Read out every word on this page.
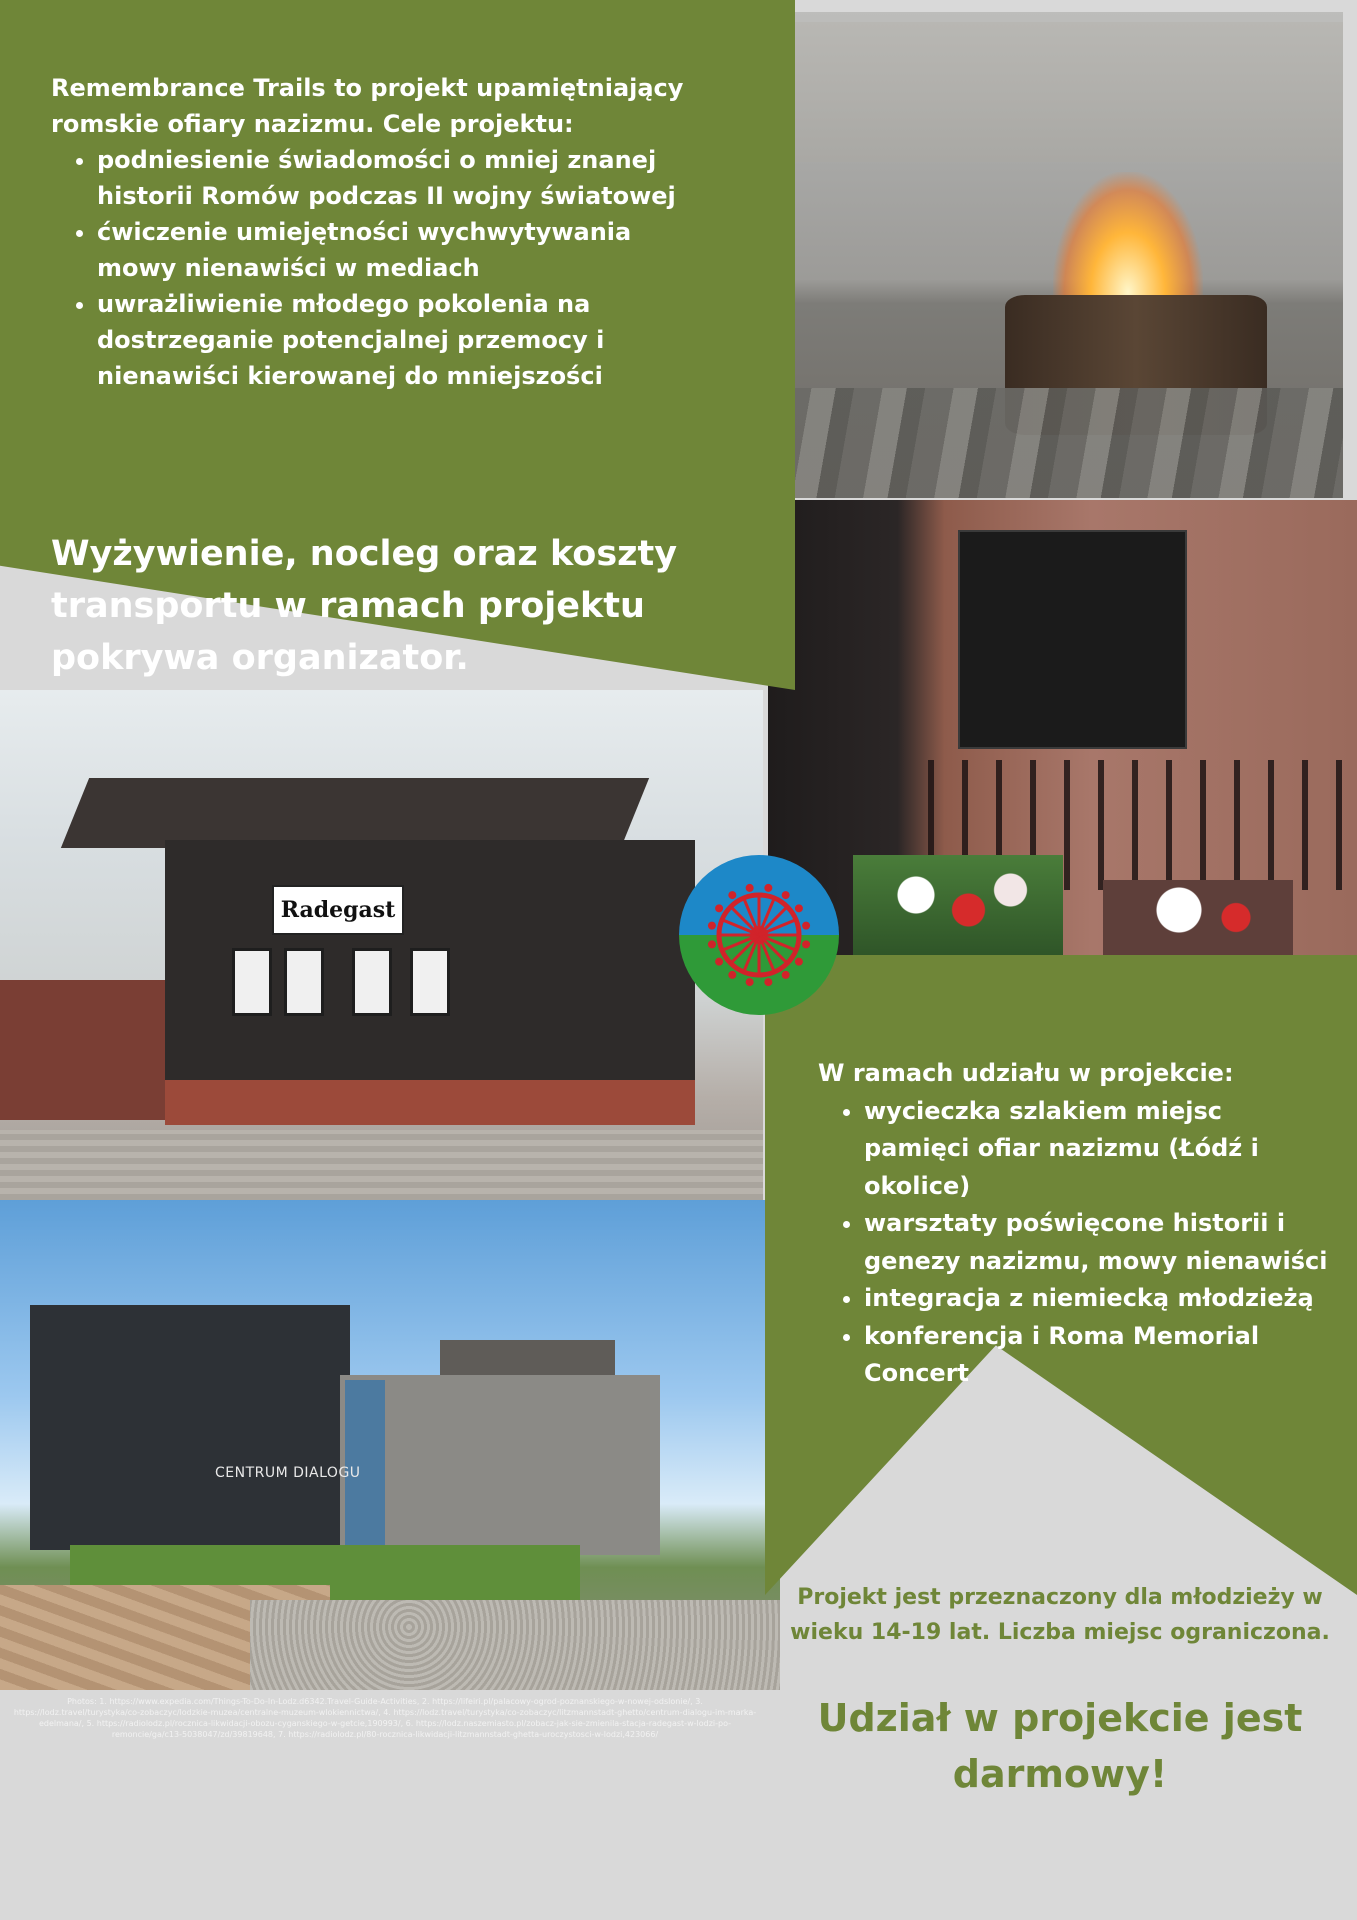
Radegast
CENTRUM DIALOGU
Remembrance Trails to projekt upamiętniający romskie ofiary nazizmu. Cele projektu:
• podniesienie świadomości o mniej znanej historii Romów podczas II wojny światowej
• ćwiczenie umiejętności wychwytywania mowy nienawiści w mediach
• uwrażliwienie młodego pokolenia na dostrzeganie potencjalnej przemocy i nienawiści kierowanej do mniejszości
Wyżywienie, nocleg oraz koszty transportu w ramach projektu pokrywa organizator.
W ramach udziału w projekcie:
• wycieczka szlakiem miejsc pamięci ofiar nazizmu (Łódź i okolice)
• warsztaty poświęcone historii i genezy nazizmu, mowy nienawiści
• integracja z niemiecką młodzieżą
• konferencja i Roma Memorial Concert
Projekt jest przeznaczony dla młodzieży w wieku 14-19 lat. Liczba miejsc ograniczona.
Udział w projekcie jest darmowy!
Photos: 1. https://www.expedia.com/Things-To-Do-In-Lodz.d6342.Travel-Guide-Activities, 2. https://lifeiri.pl/palacowy-ogrod-poznanskiego-w-nowej-odslonie/, 3. https://lodz.travel/turystyka/co-zobaczyc/lodzkie-muzea/centralne-muzeum-wlokiennictwa/, 4. https://lodz.travel/turystyka/co-zobaczyc/litzmannstadt-ghetto/centrum-dialogu-im-marka-edelmana/, 5. https://radiolodz.pl/rocznica-likwidacji-obozu-cyganskiego-w-getcie,190993/, 6. https://lodz.naszemiasto.pl/zobacz-jak-sie-zmienila-stacja-radegast-w-lodzi-po-remoncie/ga/c13-5038047/zd/39819648, 7. https://radiolodz.pl/80-rocznica-likwidacji-litzmannstadt-ghetta-uroczystosci-w-lodzi,423066/
